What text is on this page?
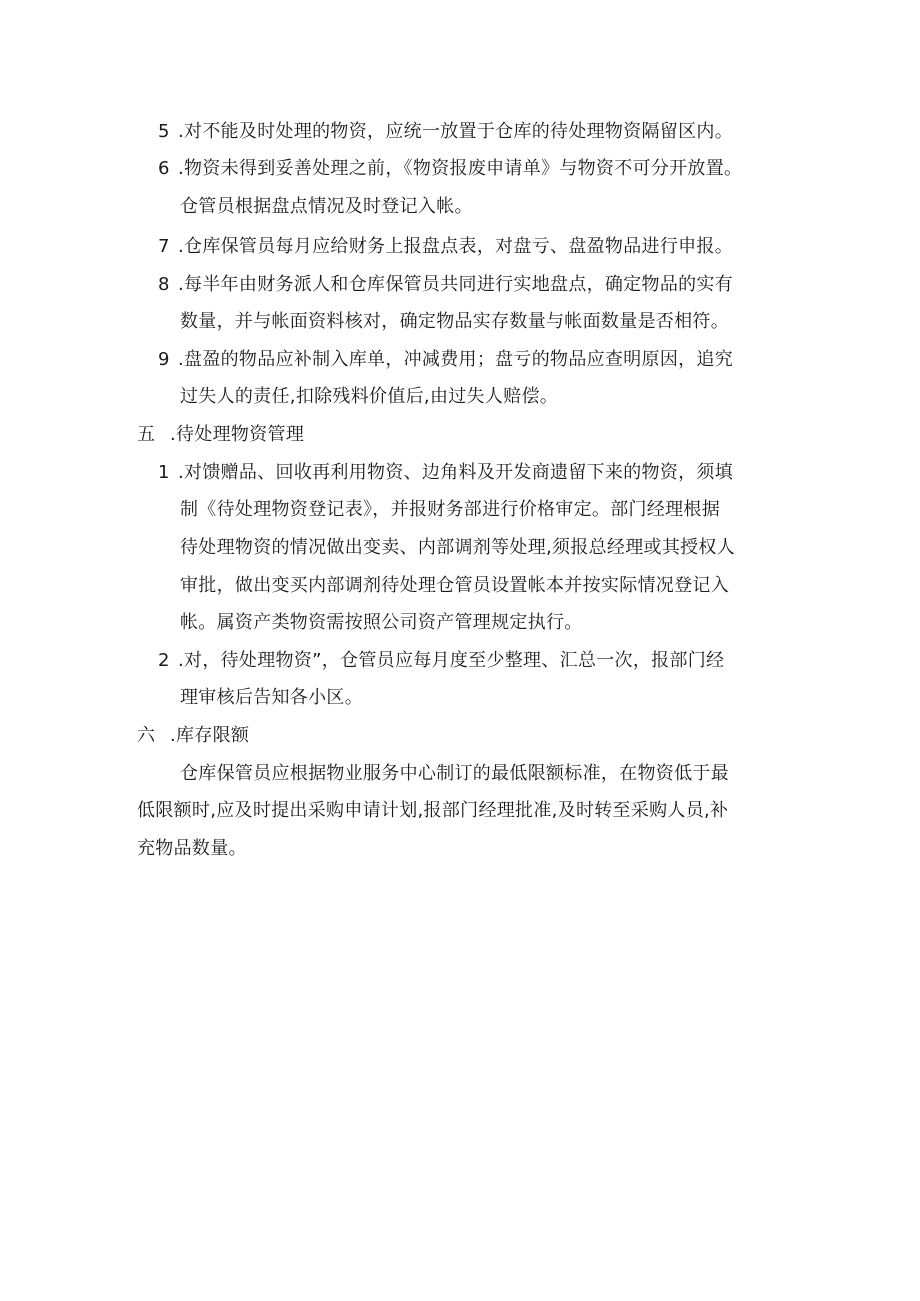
5 .对不能及时处理的物资，应统一放置于仓库的待处理物资隔留区内。
6 .物资未得到妥善处理之前，《物资报废申请单》与物资不可分开放置。
仓管员根据盘点情况及时登记入帐。
7 .仓库保管员每月应给财务上报盘点表，对盘亏、盘盈物品进行申报。
8 .每半年由财务派人和仓库保管员共同进行实地盘点，确定物品的实有
数量，并与帐面资料核对，确定物品实存数量与帐面数量是否相符。
9 .盘盈的物品应补制入库单，冲减费用；盘亏的物品应查明原因，追究
过失人的责任,扣除残料价值后,由过失人赔偿。
五 .待处理物资管理
1 .对馈赠品、回收再利用物资、边角料及开发商遗留下来的物资，须填
制《待处理物资登记表》，并报财务部进行价格审定。部门经理根据
待处理物资的情况做出变卖、内部调剂等处理,须报总经理或其授权人
审批，做出变买内部调剂待处理仓管员设置帐本并按实际情况登记入
帐。属资产类物资需按照公司资产管理规定执行。
2 .对，待处理物资”，仓管员应每月度至少整理、汇总一次，报部门经
理审核后告知各小区。
六 .库存限额
仓库保管员应根据物业服务中心制订的最低限额标准，在物资低于最
低限额时,应及时提出采购申请计划,报部门经理批准,及时转至采购人员,补
充物品数量。
